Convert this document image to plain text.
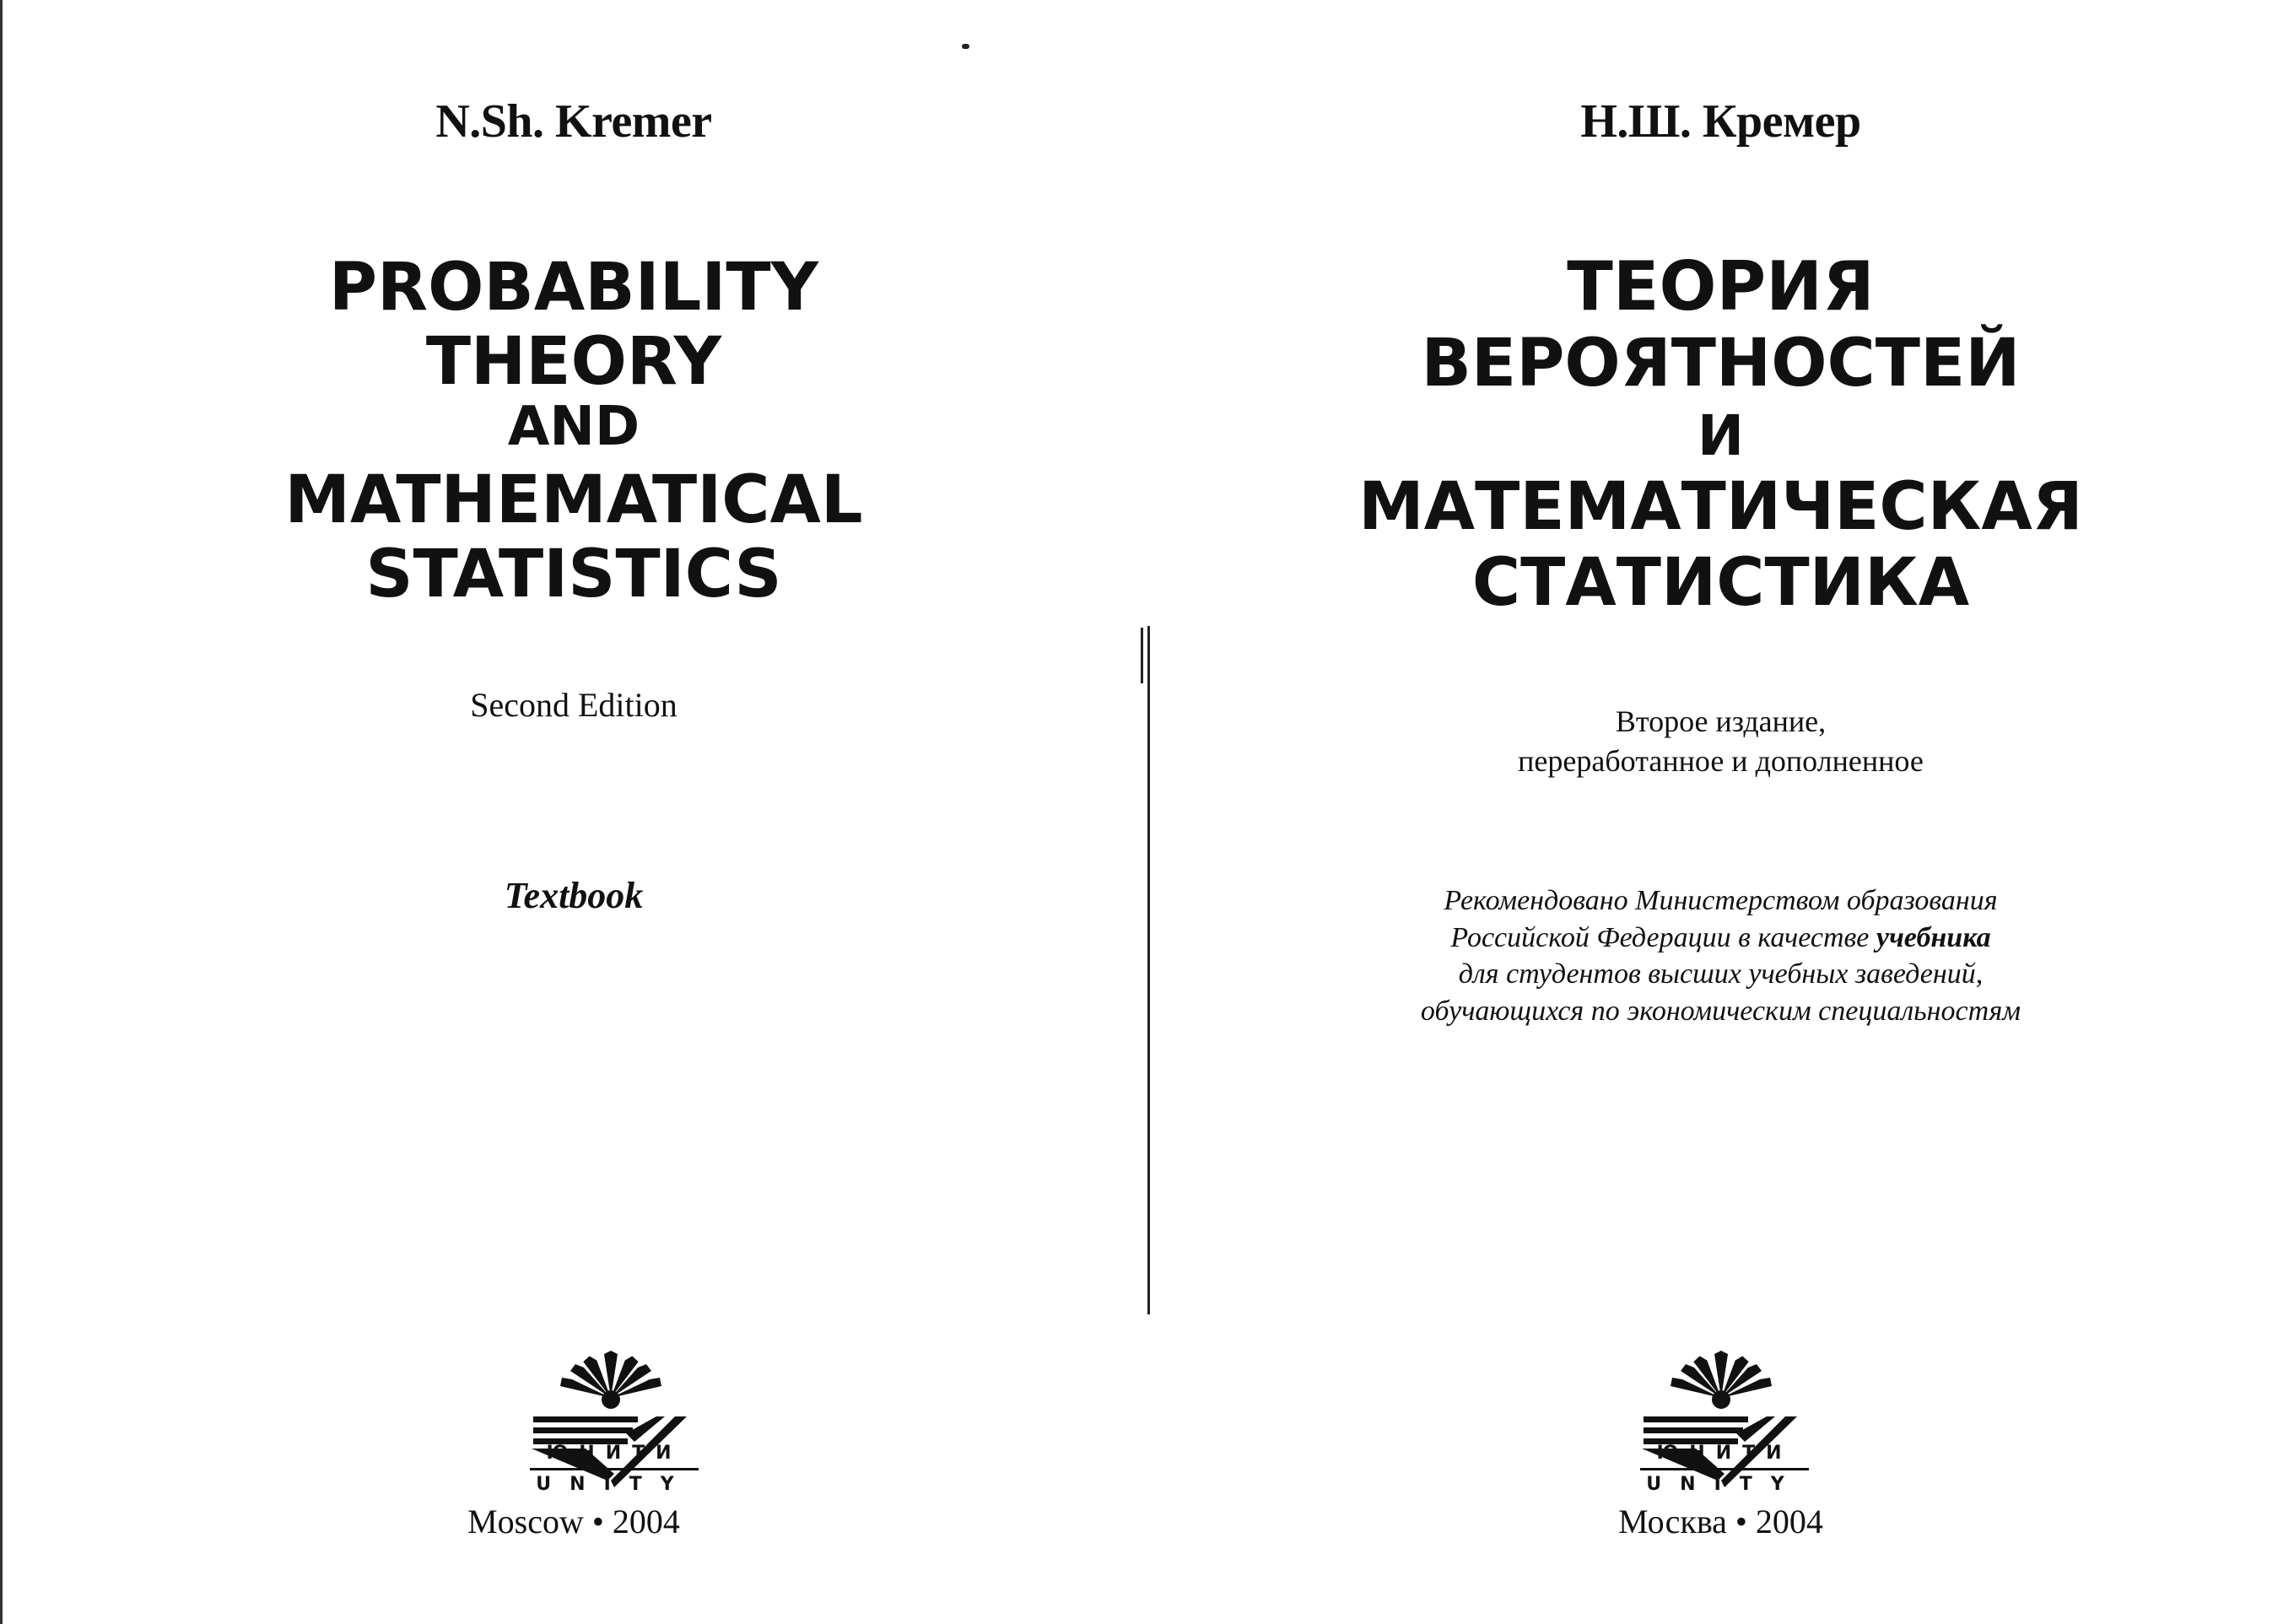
N.Sh. Kremer
PROBABILITY
THEORY
AND
MATHEMATICAL
STATISTICS
Second Edition
Textbook
ЮНИТИ
UNITY
Moscow • 2004
Н.Ш. Кремер
ТЕОРИЯ
ВЕРОЯТНОСТЕЙ
И
МАТЕМАТИЧЕСКАЯ
СТАТИСТИКА
Второе издание,
переработанное и дополненное
Рекомендовано Министерством образования
Российской Федерации в качестве учебника
для студентов высших учебных заведений,
обучающихся по экономическим специальностям
ЮНИТИ
UNITY
Москва • 2004
